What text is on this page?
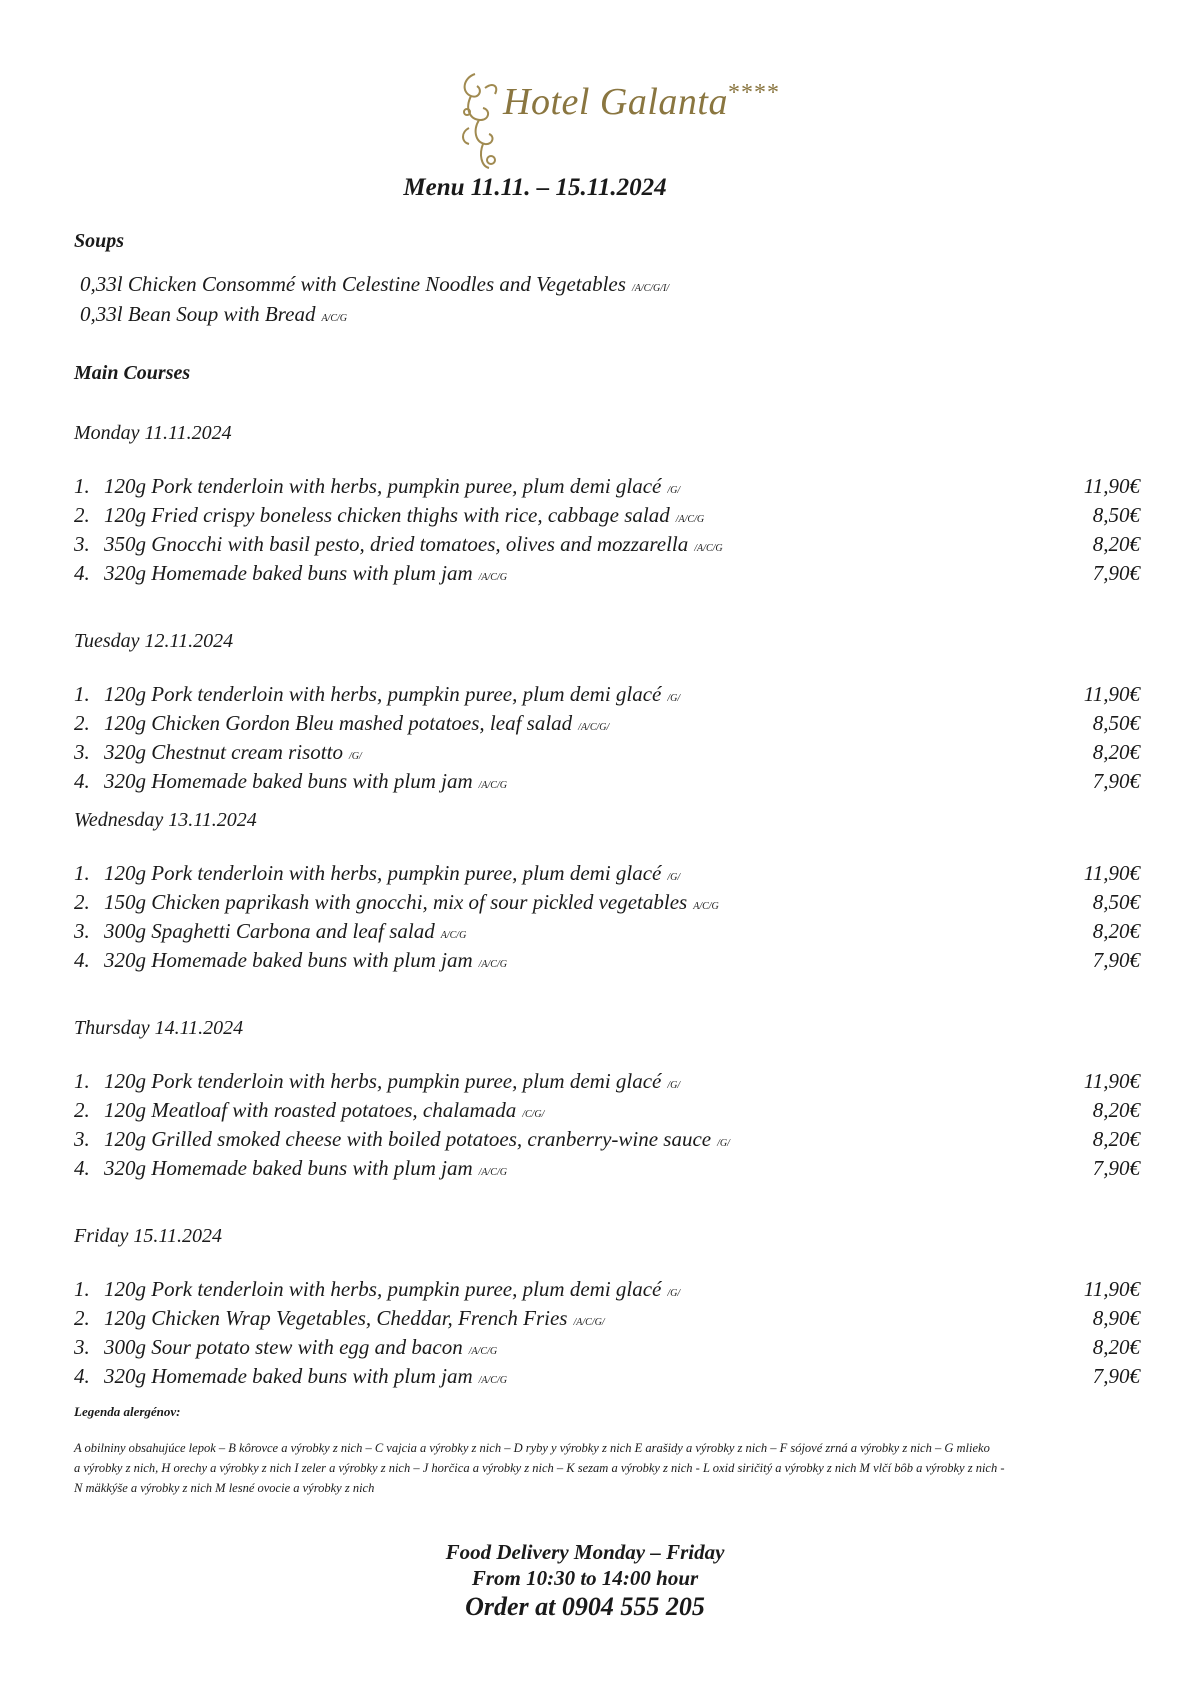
Hotel Galanta****
Menu 11.11. – 15.11.2024
Soups
0,33l Chicken Consommé with Celestine Noodles and Vegetables /A/C/G/I/
0,33l Bean Soup with Bread A/C/G
Main Courses
Monday 11.11.2024
1. 120g Pork tenderloin with herbs, pumpkin puree, plum demi glacé /G/	11,90€
2. 120g Fried crispy boneless chicken thighs with rice, cabbage salad /A/C/G	8,50€
3. 350g Gnocchi with basil pesto, dried tomatoes, olives and mozzarella /A/C/G	8,20€
4. 320g Homemade baked buns with plum jam /A/C/G	7,90€
Tuesday 12.11.2024
1. 120g Pork tenderloin with herbs, pumpkin puree, plum demi glacé /G/	11,90€
2. 120g Chicken Gordon Bleu mashed potatoes, leaf salad /A/C/G/	8,50€
3. 320g Chestnut cream risotto /G/	8,20€
4. 320g Homemade baked buns with plum jam /A/C/G	7,90€
Wednesday 13.11.2024
1. 120g Pork tenderloin with herbs, pumpkin puree, plum demi glacé /G/	11,90€
2. 150g Chicken paprikash with gnocchi, mix of sour pickled vegetables A/C/G	8,50€
3. 300g Spaghetti Carbona and leaf salad A/C/G	8,20€
4. 320g Homemade baked buns with plum jam /A/C/G	7,90€
Thursday 14.11.2024
1. 120g Pork tenderloin with herbs, pumpkin puree, plum demi glacé /G/	11,90€
2. 120g Meatloaf with roasted potatoes, chalamada /C/G/	8,20€
3. 120g Grilled smoked cheese with boiled potatoes, cranberry-wine sauce /G/	8,20€
4. 320g Homemade baked buns with plum jam /A/C/G	7,90€
Friday 15.11.2024
1. 120g Pork tenderloin with herbs, pumpkin puree, plum demi glacé /G/	11,90€
2. 120g Chicken Wrap Vegetables, Cheddar, French Fries /A/C/G/	8,90€
3. 300g Sour potato stew with egg and bacon /A/C/G	8,20€
4. 320g Homemade baked buns with plum jam /A/C/G	7,90€
Legenda alergénov:
A obilniny obsahujúce lepok – B kôrovce a výrobky z nich – C vajcia a výrobky z nich – D ryby y výrobky z nich E arašidy a výrobky z nich – F sójové zrná a výrobky z nich – G mlieko
a výrobky z nich, H orechy a výrobky z nich I zeler a výrobky z nich – J horčica a výrobky z nich – K sezam a výrobky z nich - L oxid siričitý a výrobky z nich M vlčí bôb a výrobky z nich -
N mäkkýše a výrobky z nich M lesné ovocie a výrobky z nich
Food Delivery Monday – Friday
From 10:30 to 14:00 hour
Order at 0904 555 205
